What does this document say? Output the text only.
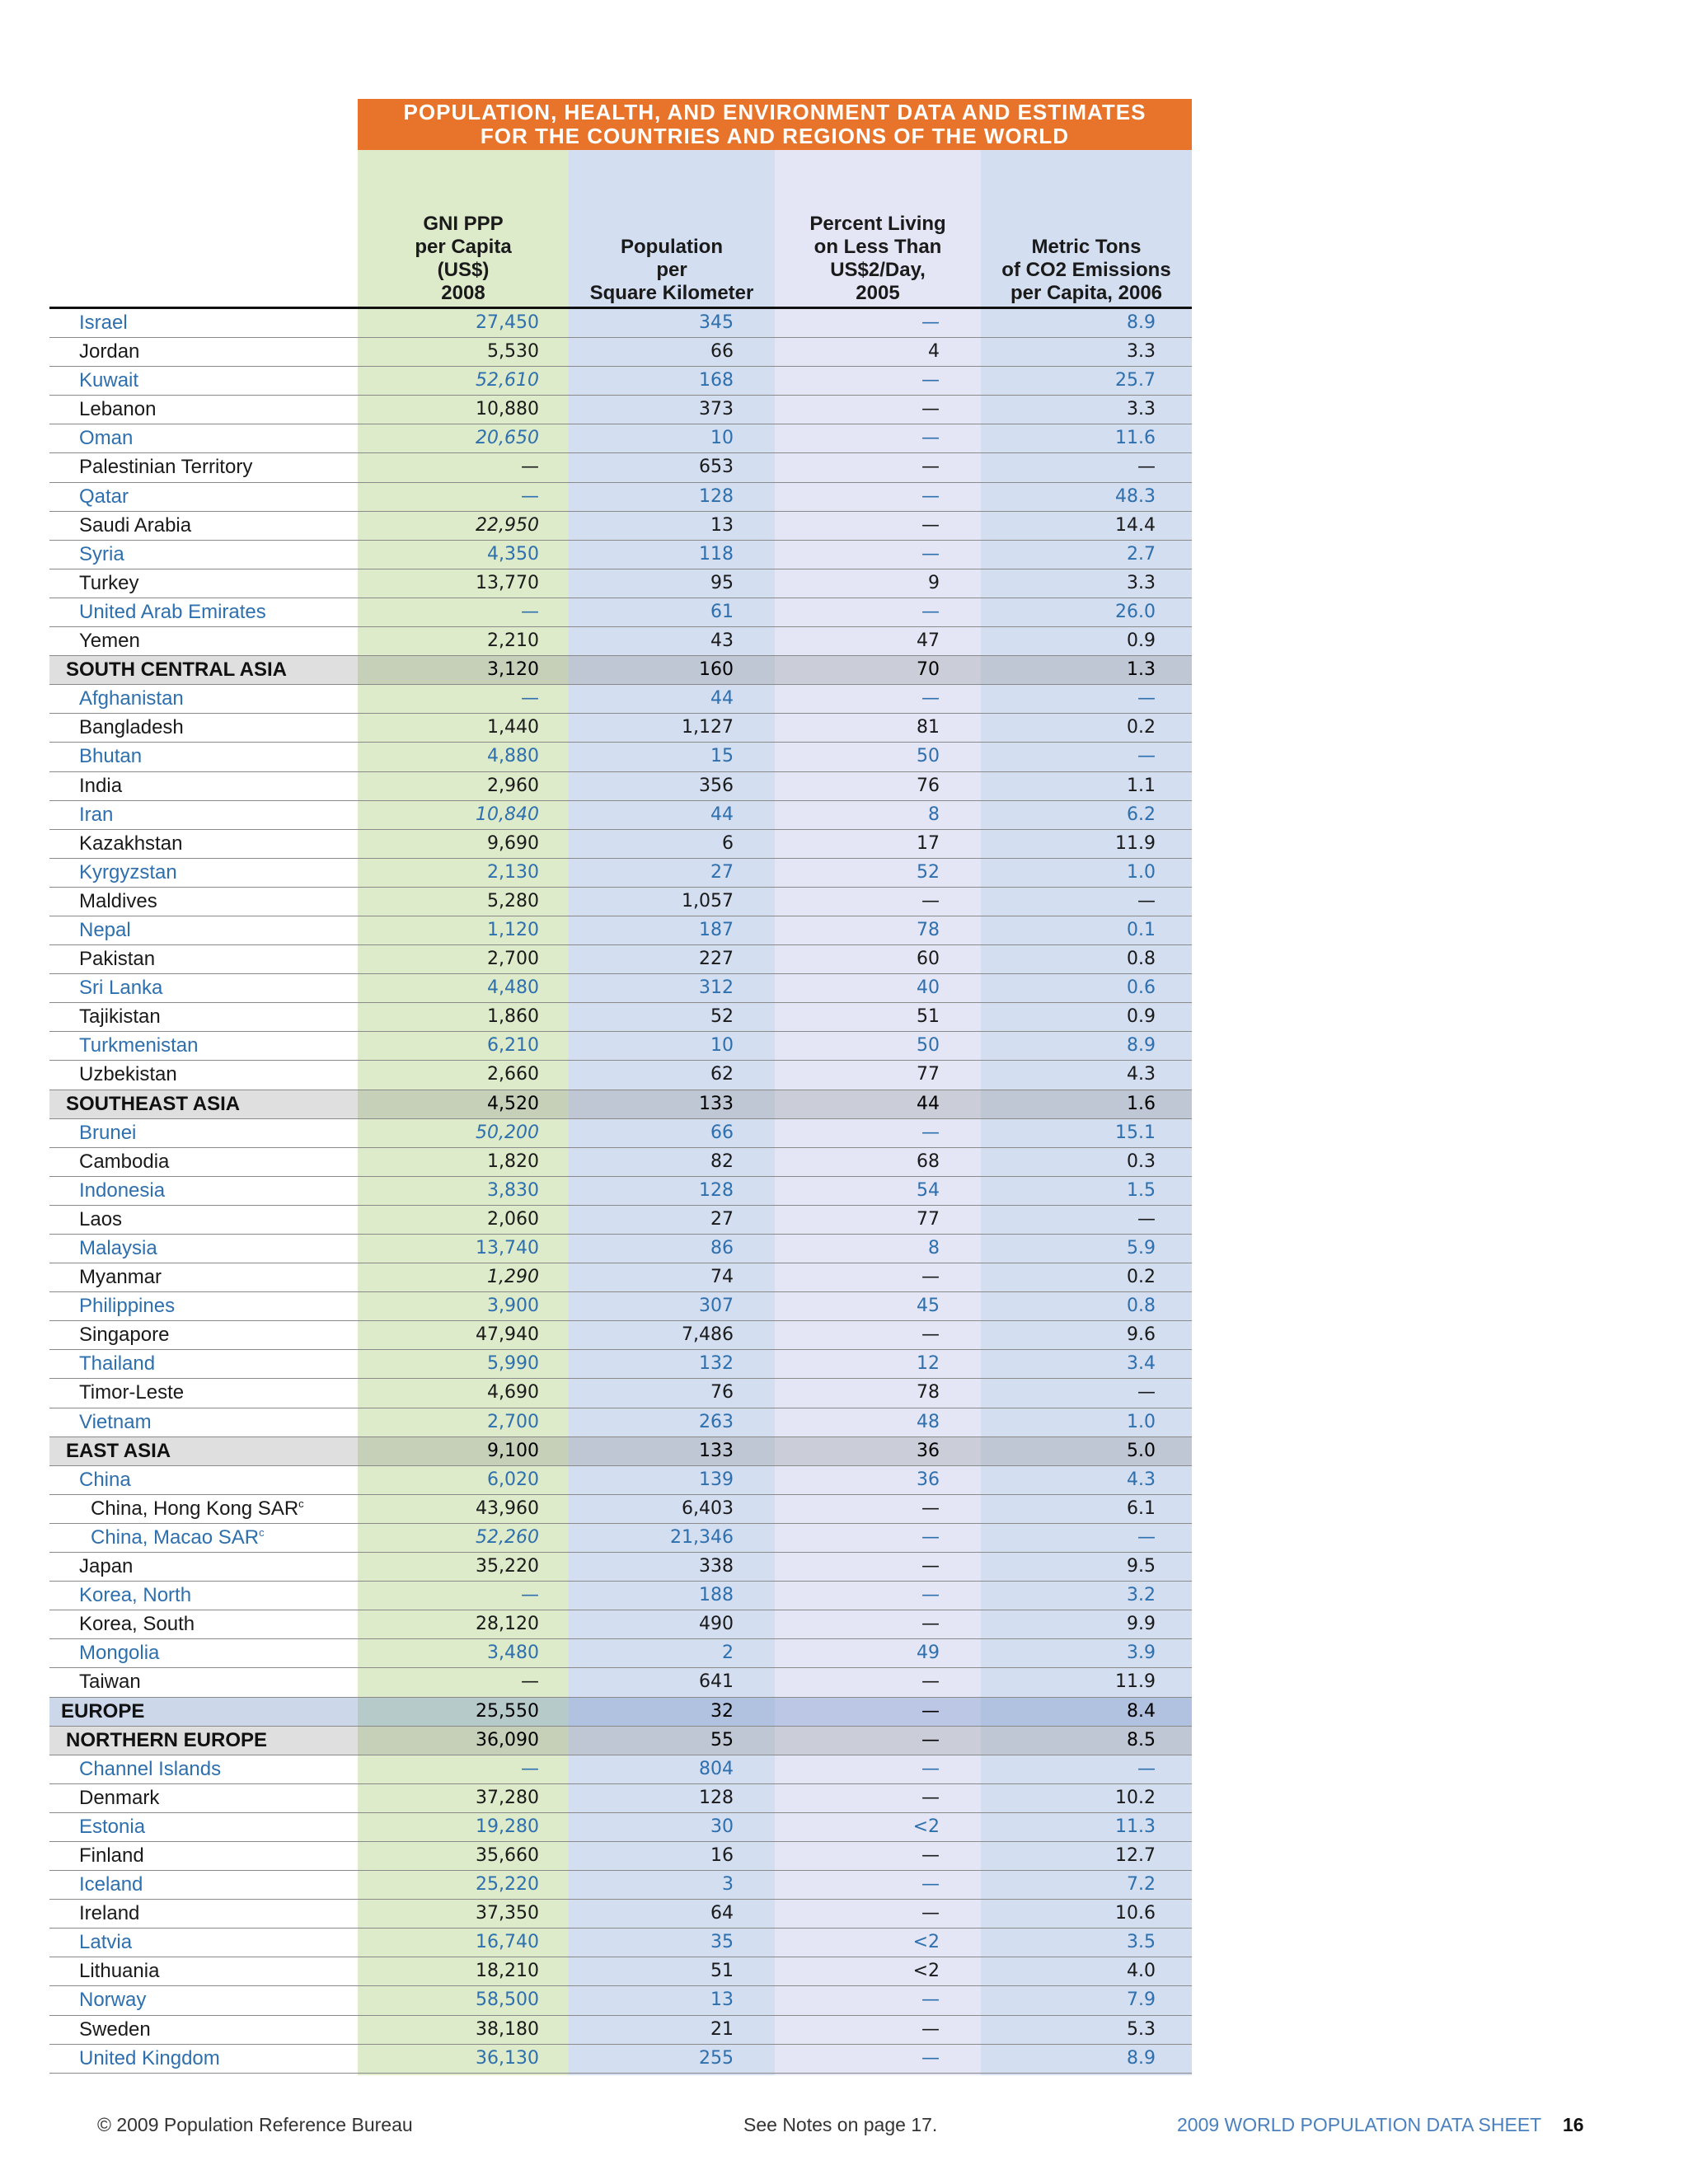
POPULATION, HEALTH, AND ENVIRONMENT DATA AND ESTIMATES
FOR THE COUNTRIES AND REGIONS OF THE WORLD
GNI PPP
per Capita
(US$)
2008
Population
per
Square Kilometer
Percent Living
on Less Than
US$2/Day,
2005
Metric Tons
of CO2 Emissions
per Capita, 2006
Israel	27,450	345	—	8.9
Jordan	5,530	66	4	3.3
Kuwait	52,610	168	—	25.7
Lebanon	10,880	373	—	3.3
Oman	20,650	10	—	11.6
Palestinian Territory	—	653	—	—
Qatar	—	128	—	48.3
Saudi Arabia	22,950	13	—	14.4
Syria	4,350	118	—	2.7
Turkey	13,770	95	9	3.3
United Arab Emirates	—	61	—	26.0
Yemen	2,210	43	47	0.9
SOUTH CENTRAL ASIA	3,120	160	70	1.3
Afghanistan	—	44	—	—
Bangladesh	1,440	1,127	81	0.2
Bhutan	4,880	15	50	—
India	2,960	356	76	1.1
Iran	10,840	44	8	6.2
Kazakhstan	9,690	6	17	11.9
Kyrgyzstan	2,130	27	52	1.0
Maldives	5,280	1,057	—	—
Nepal	1,120	187	78	0.1
Pakistan	2,700	227	60	0.8
Sri Lanka	4,480	312	40	0.6
Tajikistan	1,860	52	51	0.9
Turkmenistan	6,210	10	50	8.9
Uzbekistan	2,660	62	77	4.3
SOUTHEAST ASIA	4,520	133	44	1.6
Brunei	50,200	66	—	15.1
Cambodia	1,820	82	68	0.3
Indonesia	3,830	128	54	1.5
Laos	2,060	27	77	—
Malaysia	13,740	86	8	5.9
Myanmar	1,290	74	—	0.2
Philippines	3,900	307	45	0.8
Singapore	47,940	7,486	—	9.6
Thailand	5,990	132	12	3.4
Timor-Leste	4,690	76	78	—
Vietnam	2,700	263	48	1.0
EAST ASIA	9,100	133	36	5.0
China	6,020	139	36	4.3
China, Hong Kong SAR$^c$	43,960	6,403	—	6.1
China, Macao SAR$^c$	52,260	21,346	—	—
Japan	35,220	338	—	9.5
Korea, North	—	188	—	3.2
Korea, South	28,120	490	—	9.9
Mongolia	3,480	2	49	3.9
Taiwan	—	641	—	11.9
EUROPE	25,550	32	—	8.4
NORTHERN EUROPE	36,090	55	—	8.5
Channel Islands	—	804	—	—
Denmark	37,280	128	—	10.2
Estonia	19,280	30	<2	11.3
Finland	35,660	16	—	12.7
Iceland	25,220	3	—	7.2
Ireland	37,350	64	—	10.6
Latvia	16,740	35	<2	3.5
Lithuania	18,210	51	<2	4.0
Norway	58,500	13	—	7.9
Sweden	38,180	21	—	5.3
United Kingdom	36,130	255	—	8.9
© 2009 Population Reference Bureau	See Notes on page 17.	2009 WORLD POPULATION DATA SHEET 16
